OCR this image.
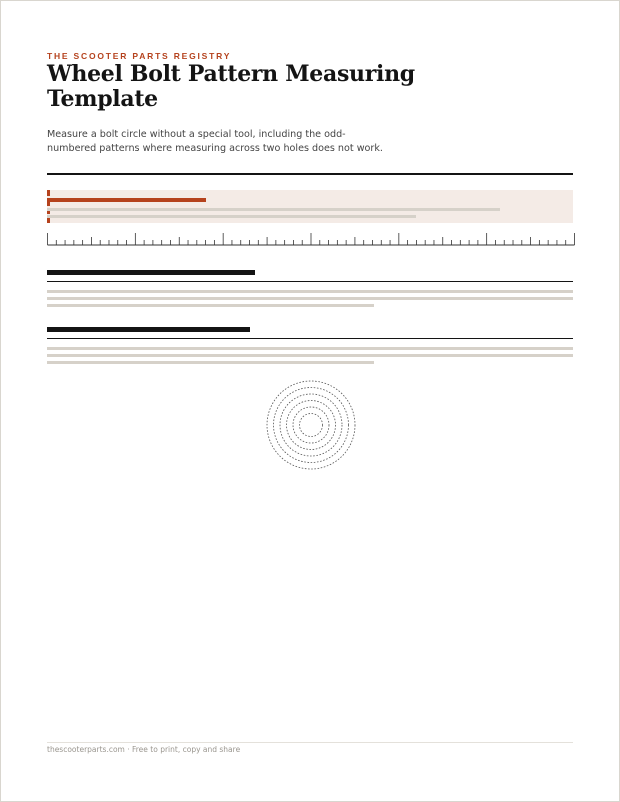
THE SCOOTER PARTS REGISTRY
Wheel Bolt Pattern Measuring Template
Measure a bolt circle without a special tool, including the odd-numbered patterns where measuring across two holes does not work.
thescooterparts.com · Free to print, copy and share
